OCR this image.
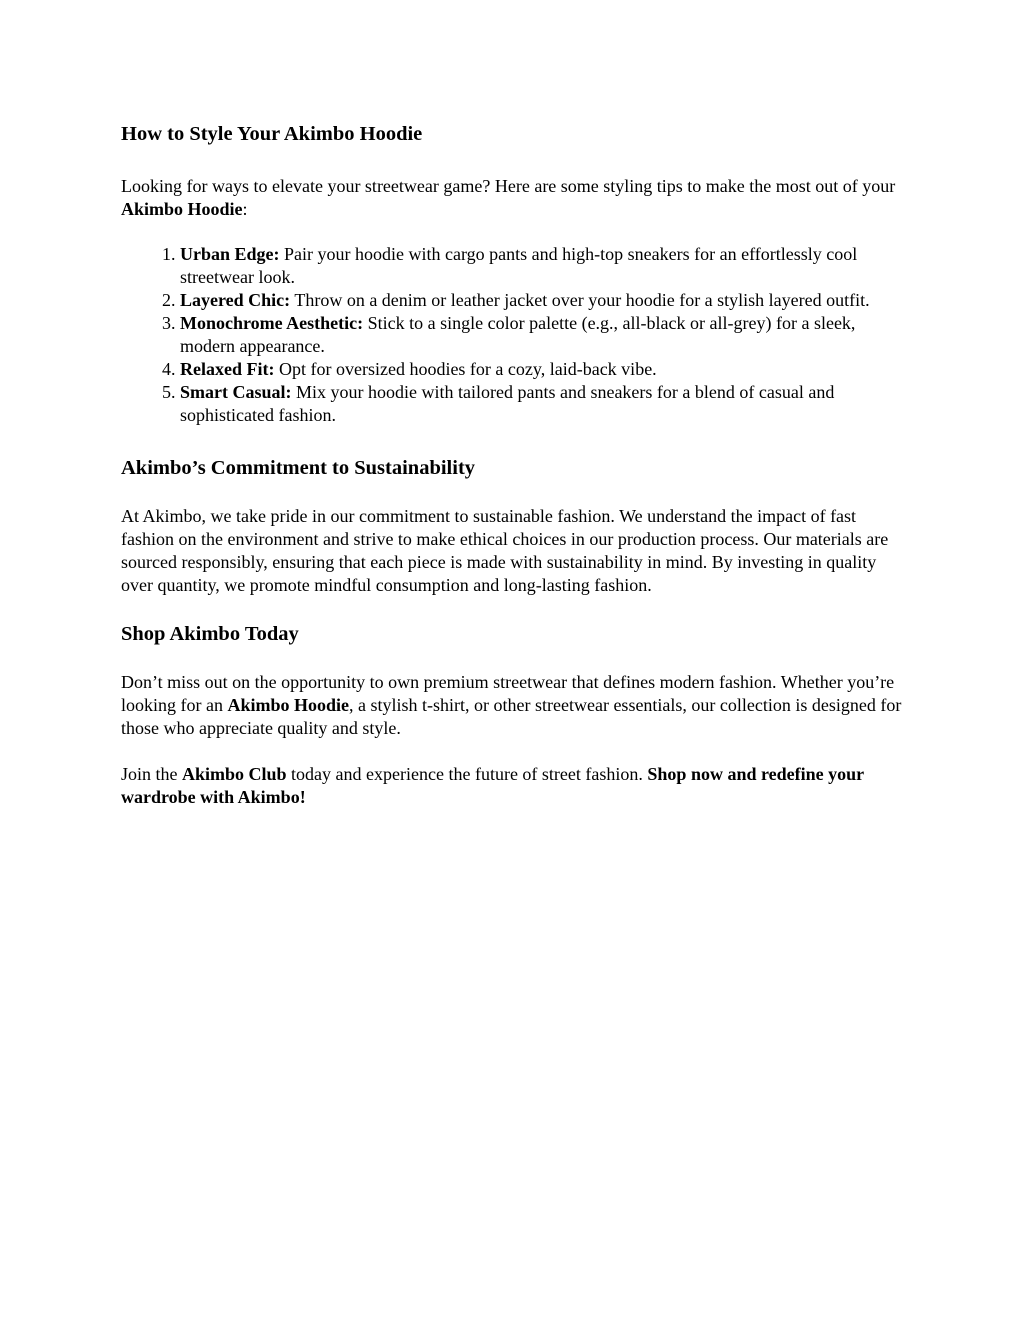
How to Style Your Akimbo Hoodie

Looking for ways to elevate your streetwear game? Here are some styling tips to make the most out of your Akimbo Hoodie:

1. Urban Edge: Pair your hoodie with cargo pants and high-top sneakers for an effortlessly cool streetwear look.
2. Layered Chic: Throw on a denim or leather jacket over your hoodie for a stylish layered outfit.
3. Monochrome Aesthetic: Stick to a single color palette (e.g., all-black or all-grey) for a sleek, modern appearance.
4. Relaxed Fit: Opt for oversized hoodies for a cozy, laid-back vibe.
5. Smart Casual: Mix your hoodie with tailored pants and sneakers for a blend of casual and sophisticated fashion.
Akimbo’s Commitment to Sustainability

At Akimbo, we take pride in our commitment to sustainable fashion. We understand the impact of fast fashion on the environment and strive to make ethical choices in our production process. Our materials are sourced responsibly, ensuring that each piece is made with sustainability in mind. By investing in quality over quantity, we promote mindful consumption and long-lasting fashion.

Shop Akimbo Today

Don’t miss out on the opportunity to own premium streetwear that defines modern fashion. Whether you’re looking for an Akimbo Hoodie, a stylish t-shirt, or other streetwear essentials, our collection is designed for those who appreciate quality and style.

Join the Akimbo Club today and experience the future of street fashion. Shop now and redefine your wardrobe with Akimbo!
